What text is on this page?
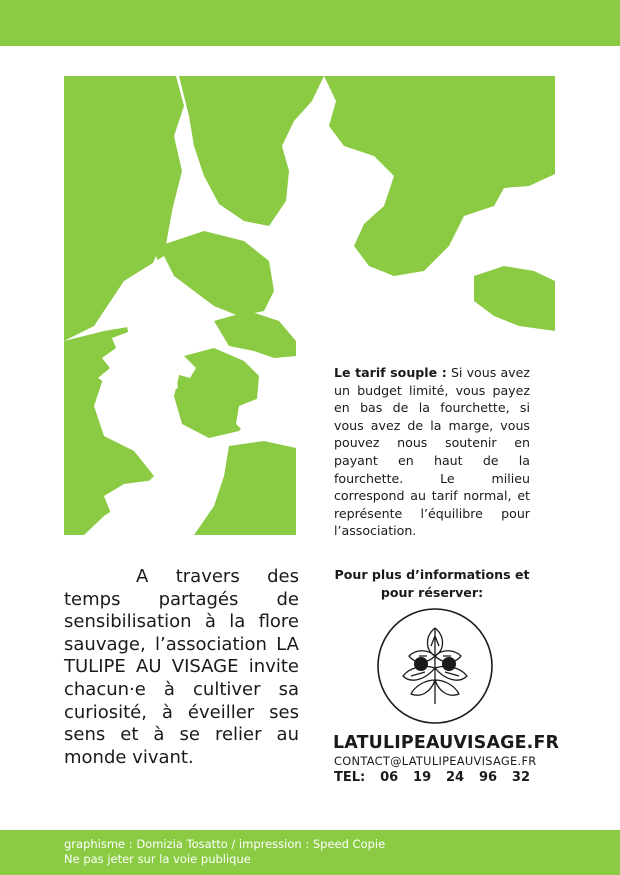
Le tarif souple : Si vous avez un budget limité, vous payez en bas de la fourchette, si vous avez de la marge, vous pouvez nous soutenir en payant en haut de la fourchette. Le milieu correspond au tarif normal, et représente l’équilibre pour l’association.
A travers des temps partagés de sensibilisation à la flore sauvage, l’association LA TULIPE AU VISAGE invite chacun·e à cultiver sa curiosité, à éveiller ses sens et à se relier au monde vivant.
Pour plus d’informations et pour réserver:
LATULIPEAUVISAGE.FR
CONTACT@LATULIPEAUVISAGE.FR
TEL: 06 19 24 96 32
graphisme : Domizia Tosatto / impression : Speed Copie
Ne pas jeter sur la voie publique
